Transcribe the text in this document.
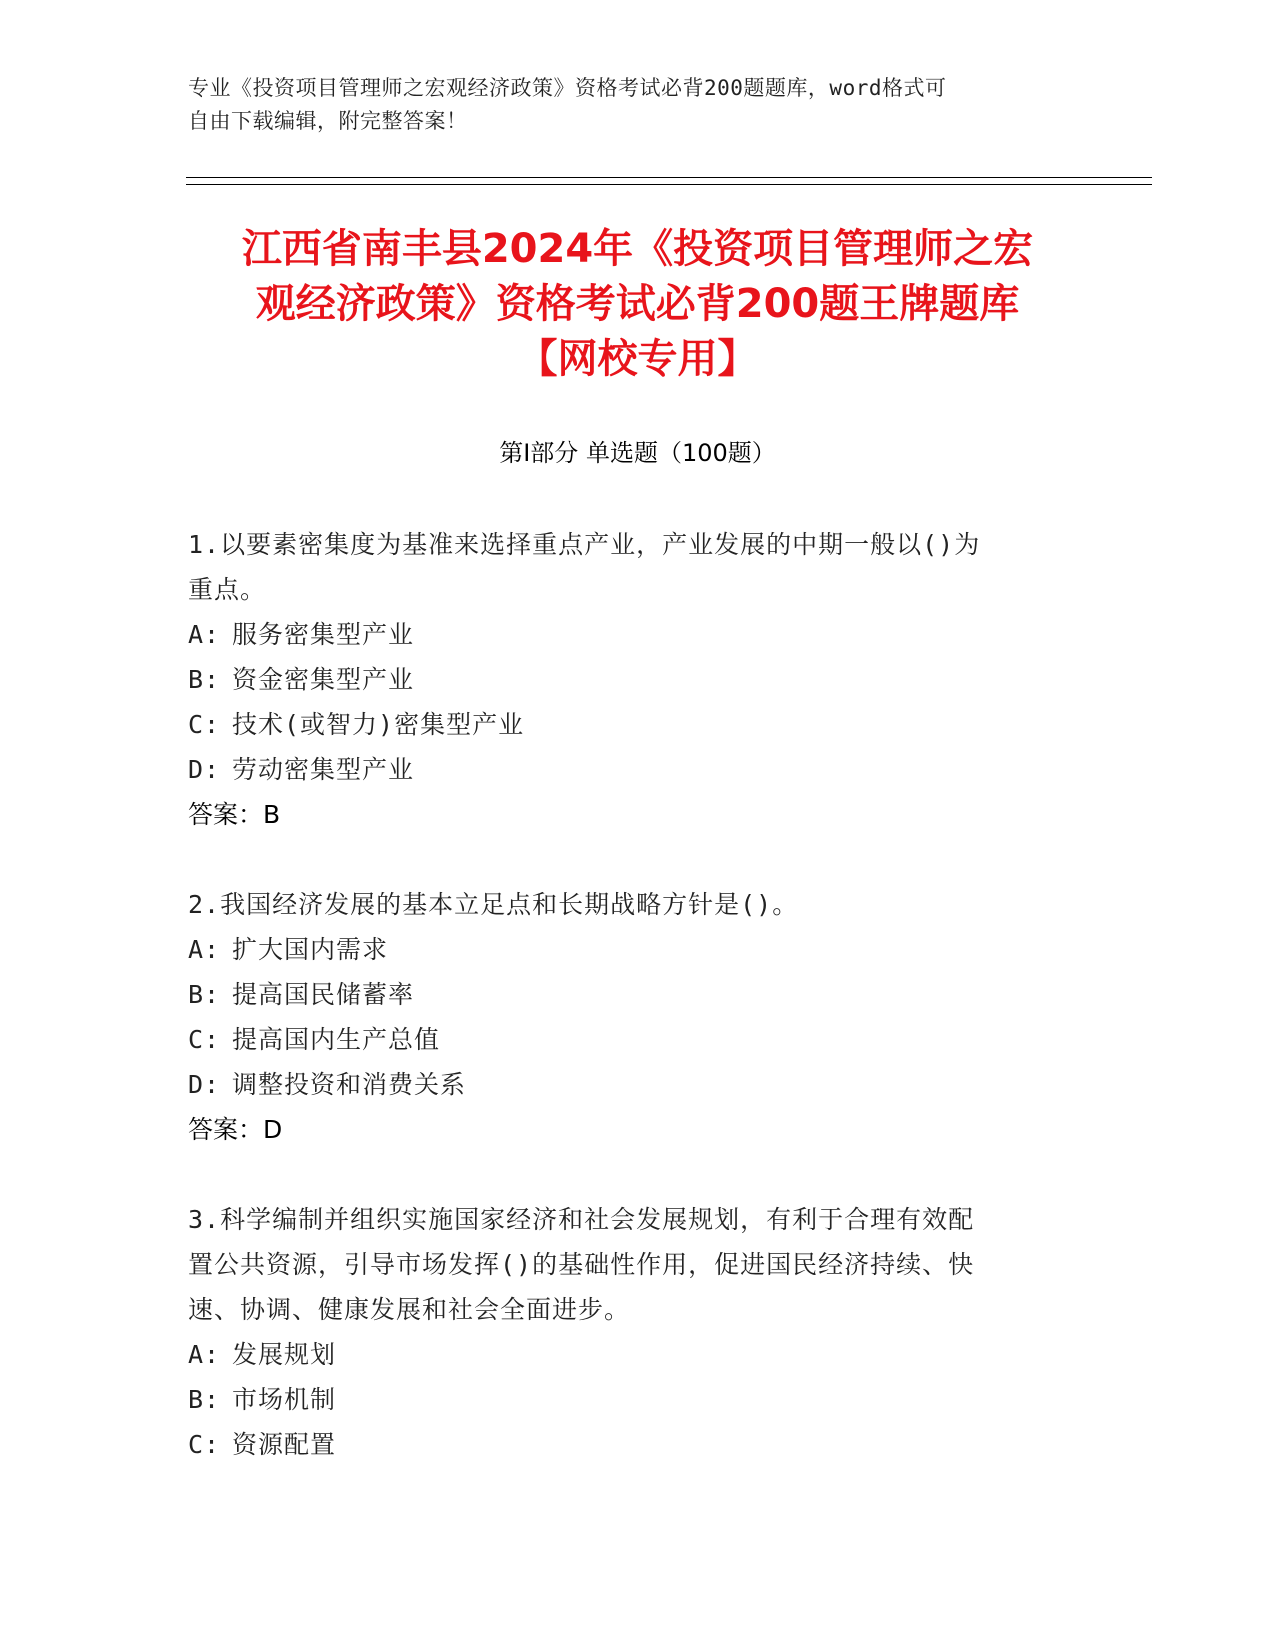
专业《投资项目管理师之宏观经济政策》资格考试必背200题题库，word格式可
自由下载编辑，附完整答案！
江西省南丰县2024年《投资项目管理师之宏
观经济政策》资格考试必背200题王牌题库
【网校专用】
第Ⅰ部分 单选题（100题）
1.以要素密集度为基准来选择重点产业，产业发展的中期一般以()为
重点。
A: 服务密集型产业
B: 资金密集型产业
C: 技术(或智力)密集型产业
D: 劳动密集型产业
答案：B
2.我国经济发展的基本立足点和长期战略方针是()。
A: 扩大国内需求
B: 提高国民储蓄率
C: 提高国内生产总值
D: 调整投资和消费关系
答案：D
3.科学编制并组织实施国家经济和社会发展规划，有利于合理有效配
置公共资源，引导市场发挥()的基础性作用，促进国民经济持续、快
速、协调、健康发展和社会全面进步。
A: 发展规划
B: 市场机制
C: 资源配置
